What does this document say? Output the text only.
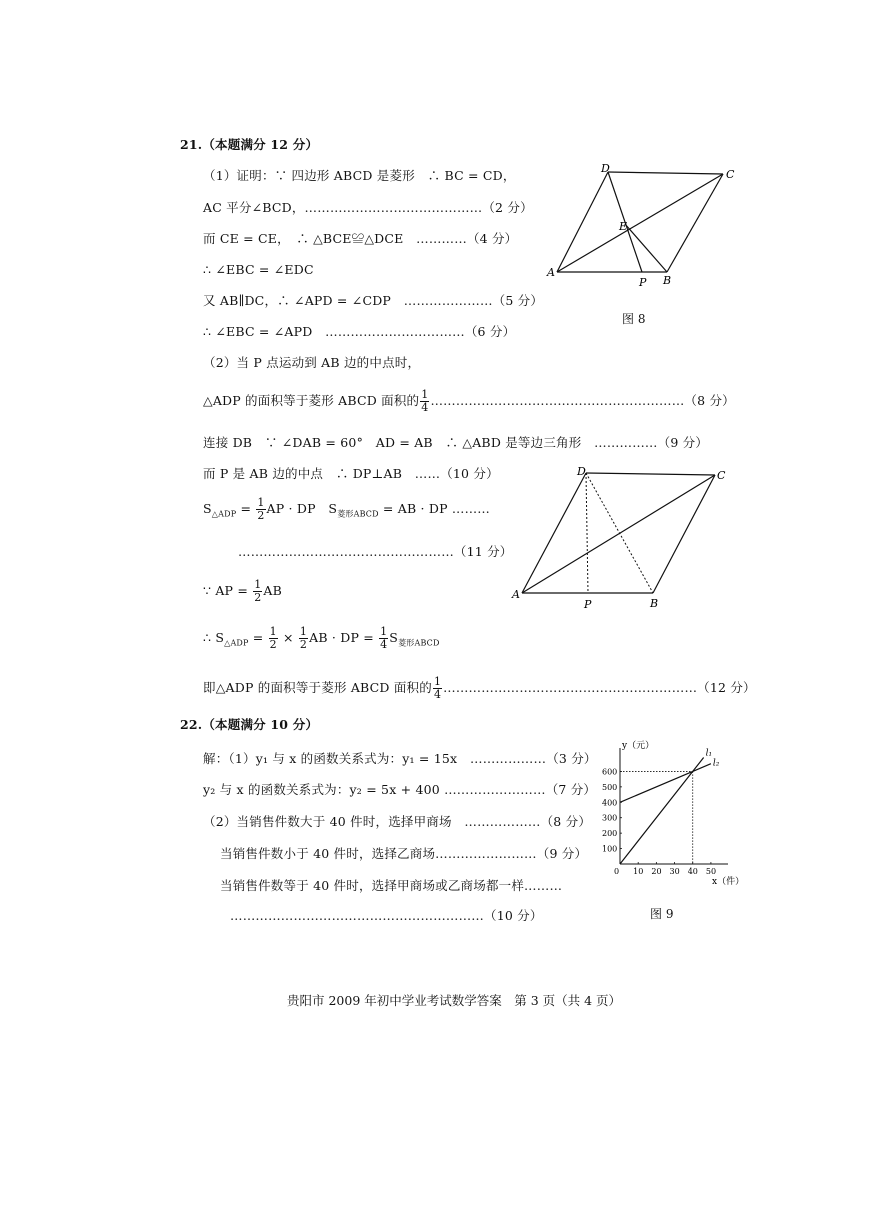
21.（本题满分 12 分）
（1）证明：∵ 四边形 ABCD 是菱形　∴ BC = CD，
AC 平分∠BCD，……………………………………（2 分）
而 CE = CE，　∴ △BCE≌△DCE　…………（4 分）
∴ ∠EBC = ∠EDC
又 AB∥DC，∴ ∠APD = ∠CDP　…………………（5 分）
∴ ∠EBC = ∠APD　……………………………（6 分）
D	C
E
A
P B
图 8
（2）当 P 点运动到 AB 边的中点时，
△ADP 的面积等于菱形 ABCD 面积的 $\frac{1}{4}$ ……………………………………………………（8 分）
连接 DB　∵ ∠DAB = 60°　AD = AB　∴ △ABD 是等边三角形　……………（9 分）
而 P 是 AB 边的中点　∴ DP⊥AB　……（10 分）
$S_{\triangle ADP} = \frac{1}{2}$ AP · DP　$S_{菱形ABCD}$ = AB · DP ………
……………………………………………（11 分）
∵ AP = $\frac{1}{2}$ AB
D	C
A
P	B
∴ $S_{\triangle ADP} = \frac{1}{2} \times \frac{1}{2}$ AB · DP = $\frac{1}{4} S_{菱形ABCD}$
即△ADP 的面积等于菱形 ABCD 面积的 $\frac{1}{4}$ ……………………………………………………（12 分）
22.（本题满分 10 分）
解：（1）y₁ 与 x 的函数关系式为：y₁ = 15x　………………（3 分）
y₂ 与 x 的函数关系式为：y₂ = 5x + 400 ……………………（7 分）
（2）当销售件数大于 40 件时，选择甲商场　………………（8 分）
当销售件数小于 40 件时，选择乙商场……………………（9 分）
当销售件数等于 40 件时，选择甲商场或乙商场都一样………
……………………………………………………（10 分）
y（元）
x（件）
0 10 20 30 40 50
100
200
300
400
500
600
l₁
l₂
图 9
贵阳市 2009 年初中学业考试数学答案　第 3 页（共 4 页）
